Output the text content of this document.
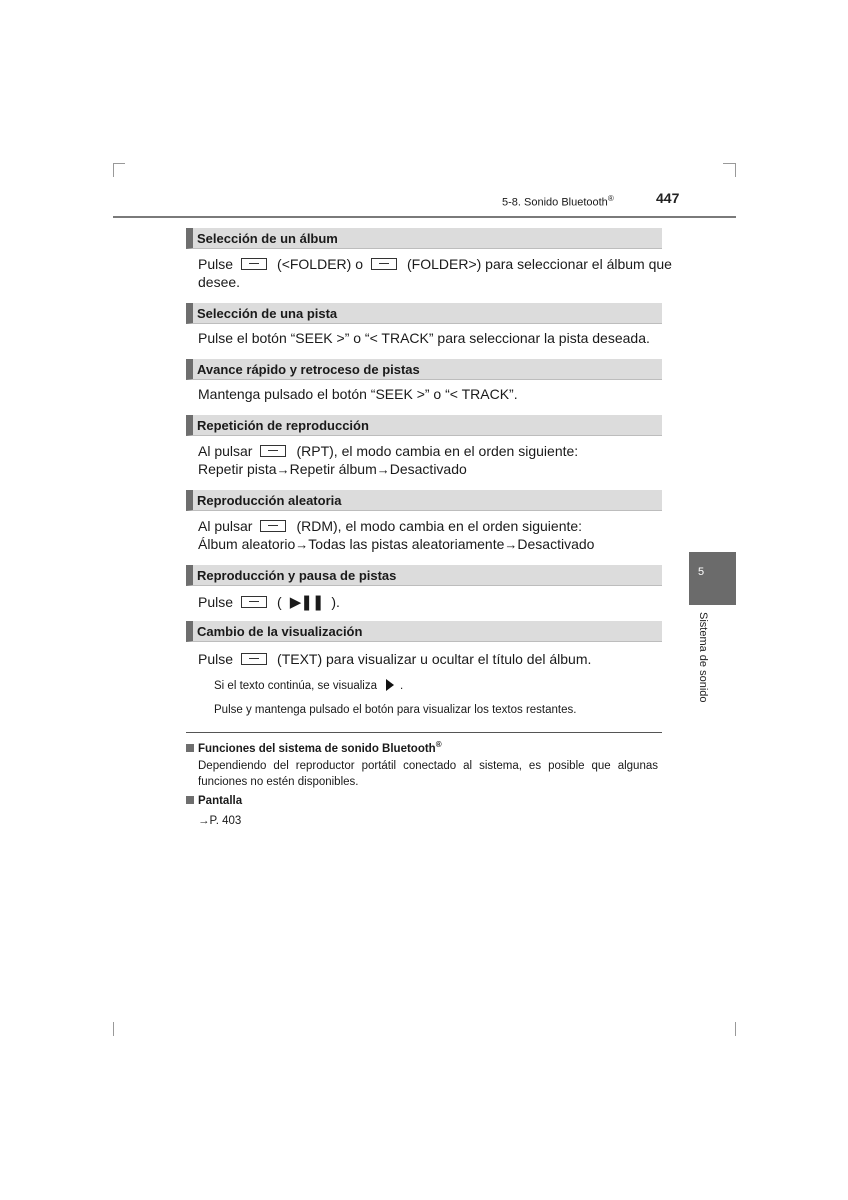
5-8. Sonido Bluetooth®	447
5
Sistema de sonido
Selección de un álbum
Pulse	(<FOLDER) o	(FOLDER>) para seleccionar el álbum que
desee.
Selección de una pista
Pulse el botón “SEEK >” o “< TRACK” para seleccionar la pista deseada.
Avance rápido y retroceso de pistas
Mantenga pulsado el botón “SEEK >” o “< TRACK”.
Repetición de reproducción
Al pulsar	(RPT), el modo cambia en el orden siguiente:
Repetir pista→Repetir álbum→Desactivado
Reproducción aleatoria
Al pulsar	(RDM), el modo cambia en el orden siguiente:
Álbum aleatorio→Todas las pistas aleatoriamente→Desactivado
Reproducción y pausa de pistas
Pulse	( ▶❚❚ ).
Cambio de la visualización
Pulse	(TEXT) para visualizar u ocultar el título del álbum.
Si el texto continúa, se visualiza .
Pulse y mantenga pulsado el botón para visualizar los textos restantes.
Funciones del sistema de sonido Bluetooth®
Dependiendo del reproductor portátil conectado al sistema, es posible que algunas funciones no estén disponibles.
Pantalla
→P. 403
